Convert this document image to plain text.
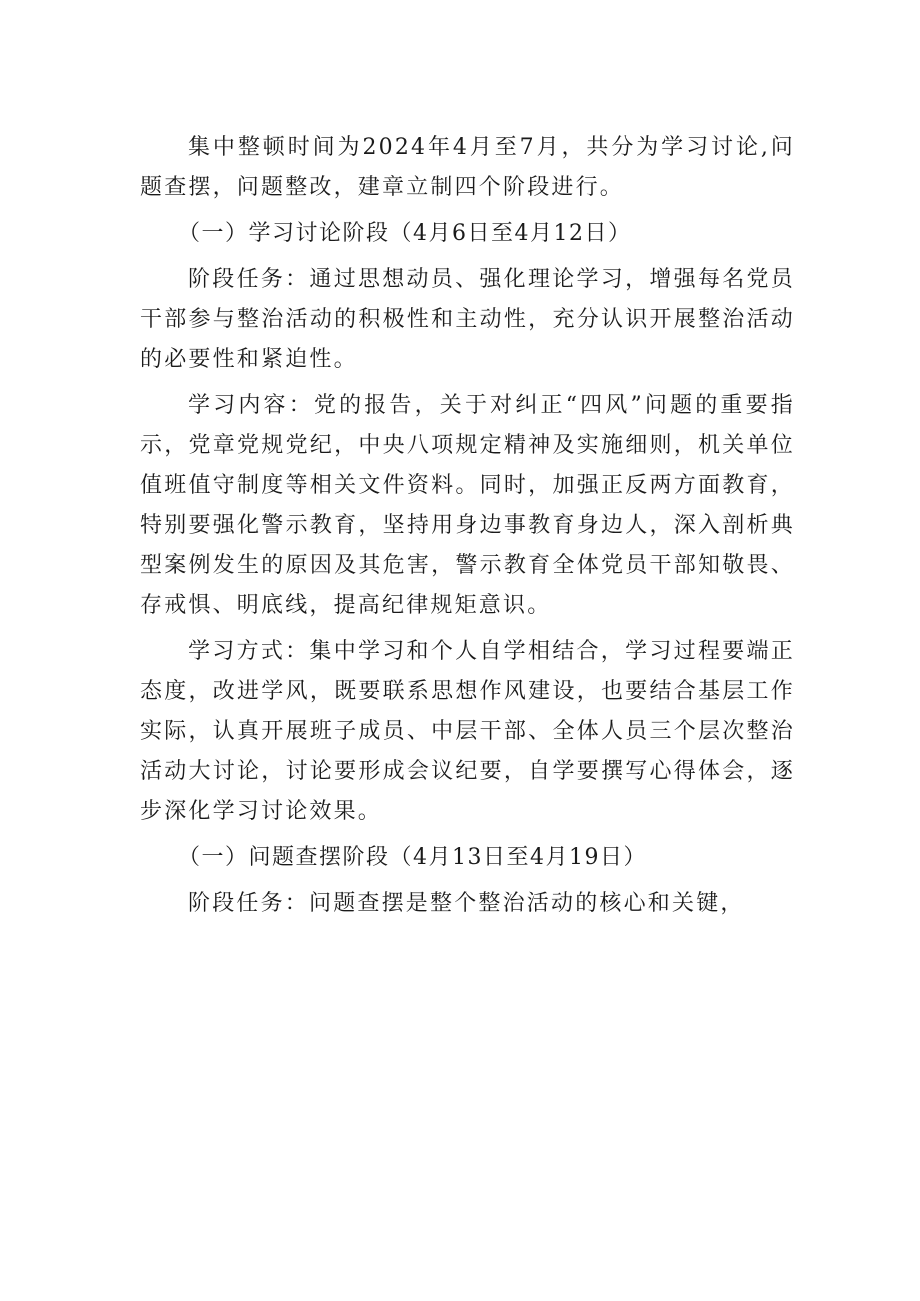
集中整顿时间为2024年4月至7月，共分为学习讨论,问题查摆，问题整改，建章立制四个阶段进行。

（一）学习讨论阶段（4月6日至4月12日）

阶段任务：通过思想动员、强化理论学习，增强每名党员干部参与整治活动的积极性和主动性，充分认识开展整治活动的必要性和紧迫性。

学习内容：党的报告，关于对纠正“四风”问题的重要指示，党章党规党纪，中央八项规定精神及实施细则，机关单位值班值守制度等相关文件资料。同时，加强正反两方面教育，特别要强化警示教育，坚持用身边事教育身边人，深入剖析典型案例发生的原因及其危害，警示教育全体党员干部知敬畏、存戒惧、明底线，提高纪律规矩意识。

学习方式：集中学习和个人自学相结合，学习过程要端正态度，改进学风，既要联系思想作风建设，也要结合基层工作实际，认真开展班子成员、中层干部、全体人员三个层次整治活动大讨论，讨论要形成会议纪要，自学要撰写心得体会，逐步深化学习讨论效果。

（一）问题查摆阶段（4月13日至4月19日）

阶段任务：问题查摆是整个整治活动的核心和关键，
